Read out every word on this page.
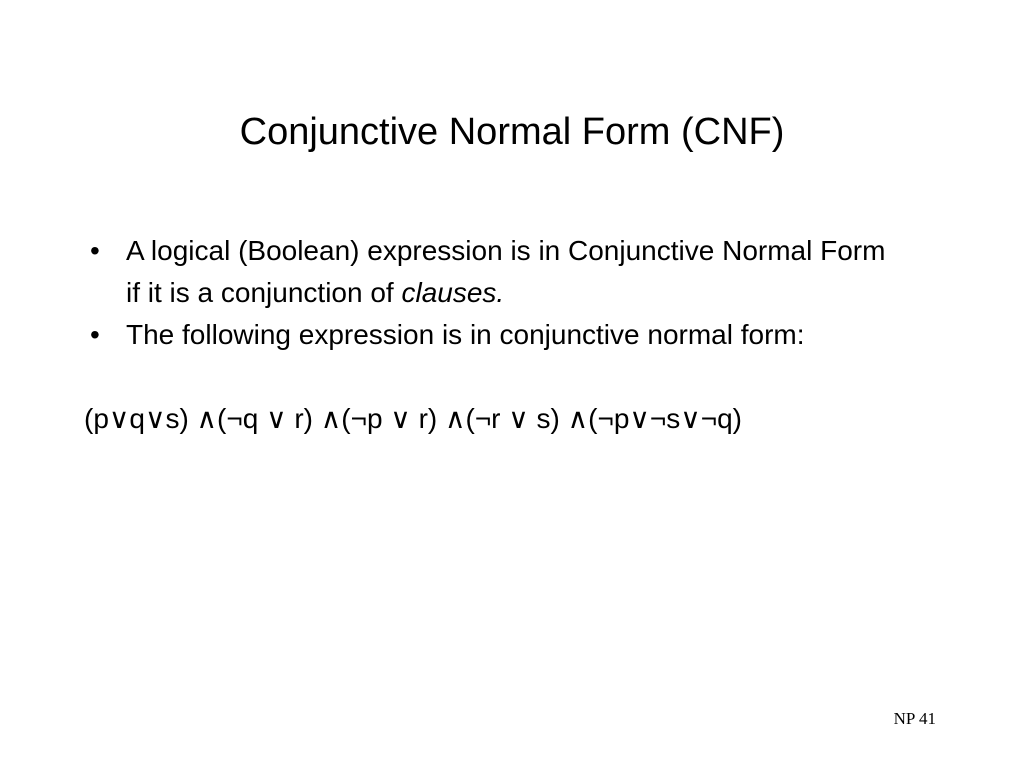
Conjunctive Normal Form (CNF)
• A logical (Boolean) expression is in Conjunctive Normal Form if it is a conjunction of clauses.
• The following expression is in conjunctive normal form:
(p∨q∨s) ∧(¬q ∨ r) ∧(¬p ∨ r) ∧(¬r ∨ s) ∧(¬p∨¬s∨¬q)
NP 41
